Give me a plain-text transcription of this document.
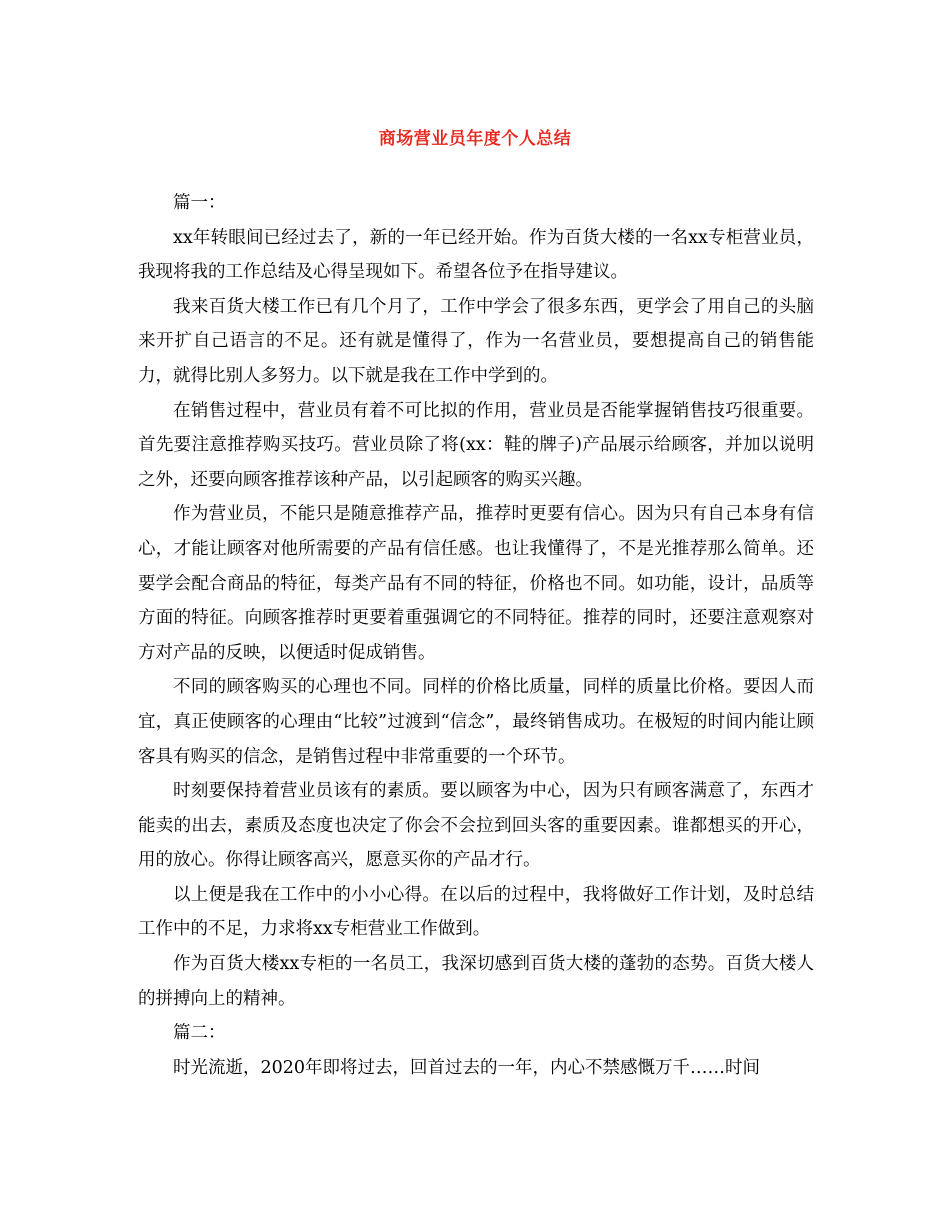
商场营业员年度个人总结

篇一：

xx年转眼间已经过去了，新的一年已经开始。作为百货大楼的一名xx专柜营业员，我现将我的工作总结及心得呈现如下。希望各位予在指导建议。

我来百货大楼工作已有几个月了，工作中学会了很多东西，更学会了用自己的头脑来开扩自己语言的不足。还有就是懂得了，作为一名营业员，要想提高自己的销售能力，就得比别人多努力。以下就是我在工作中学到的。

在销售过程中，营业员有着不可比拟的作用，营业员是否能掌握销售技巧很重要。首先要注意推荐购买技巧。营业员除了将(xx：鞋的牌子)产品展示给顾客，并加以说明之外，还要向顾客推荐该种产品，以引起顾客的购买兴趣。

作为营业员，不能只是随意推荐产品，推荐时更要有信心。因为只有自己本身有信心，才能让顾客对他所需要的产品有信任感。也让我懂得了，不是光推荐那么简单。还要学会配合商品的特征，每类产品有不同的特征，价格也不同。如功能，设计，品质等方面的特征。向顾客推荐时更要着重强调它的不同特征。推荐的同时，还要注意观察对方对产品的反映，以便适时促成销售。

不同的顾客购买的心理也不同。同样的价格比质量，同样的质量比价格。要因人而宜，真正使顾客的心理由“比较”过渡到“信念”，最终销售成功。在极短的时间内能让顾客具有购买的信念，是销售过程中非常重要的一个环节。

时刻要保持着营业员该有的素质。要以顾客为中心，因为只有顾客满意了，东西才能卖的出去，素质及态度也决定了你会不会拉到回头客的重要因素。谁都想买的开心，用的放心。你得让顾客高兴，愿意买你的产品才行。

以上便是我在工作中的小小心得。在以后的过程中，我将做好工作计划，及时总结工作中的不足，力求将xx专柜营业工作做到。

作为百货大楼xx专柜的一名员工，我深切感到百货大楼的蓬勃的态势。百货大楼人的拼搏向上的精神。

篇二：

时光流逝，2020年即将过去，回首过去的一年，内心不禁感慨万千……时间
